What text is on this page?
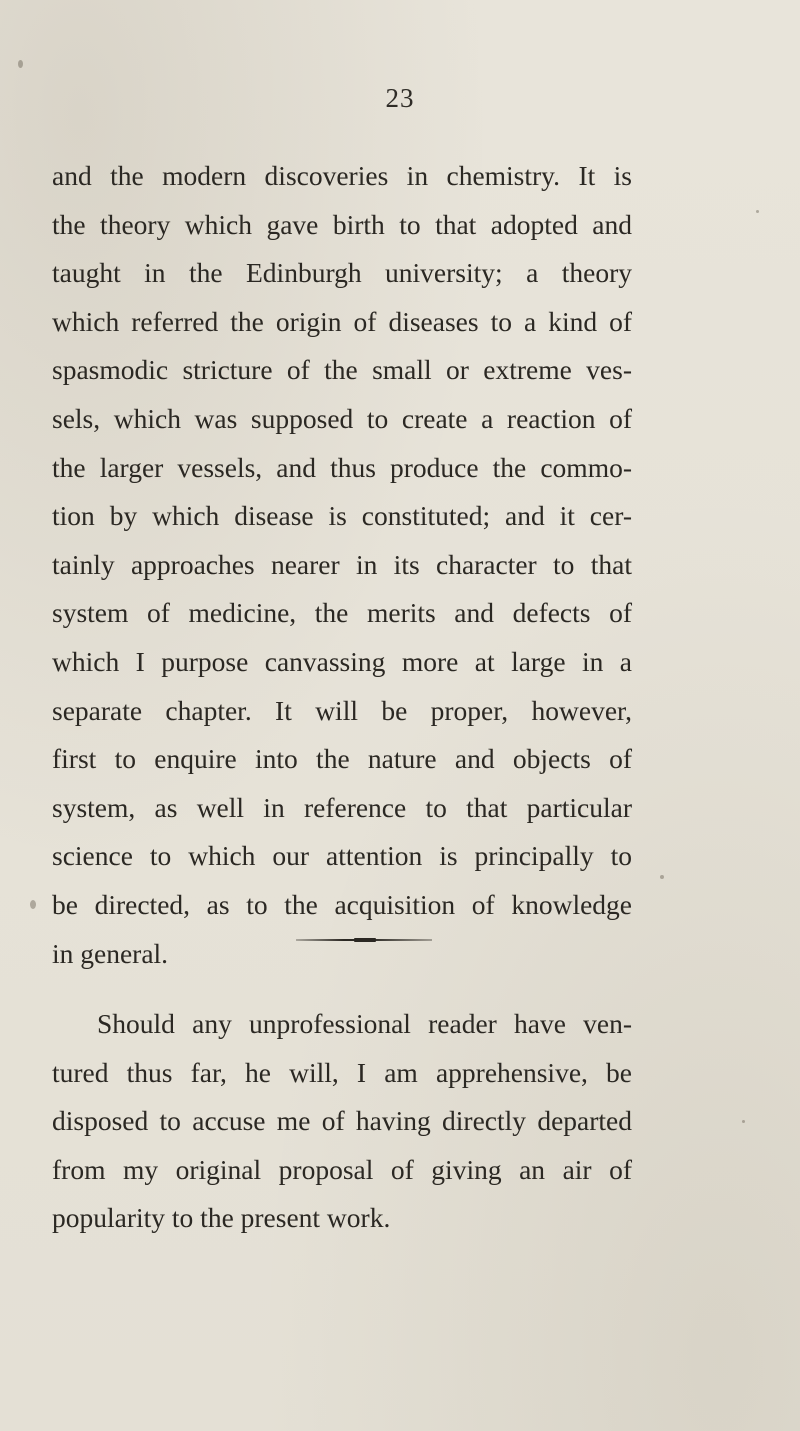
23
and the modern discoveries in chemistry. It is
the theory which gave birth to that adopted and
taught in the Edinburgh university; a theory
which referred the origin of diseases to a kind of
spasmodic stricture of the small or extreme ves-
sels, which was supposed to create a reaction of
the larger vessels, and thus produce the commo-
tion by which disease is constituted; and it cer-
tainly approaches nearer in its character to that
system of medicine, the merits and defects of
which I purpose canvassing more at large in a
separate chapter. It will be proper, however,
first to enquire into the nature and objects of
system, as well in reference to that particular
science to which our attention is principally to
be directed, as to the acquisition of knowledge
in general.
Should any unprofessional reader have ven-
tured thus far, he will, I am apprehensive, be
disposed to accuse me of having directly departed
from my original proposal of giving an air of
popularity to the present work.
